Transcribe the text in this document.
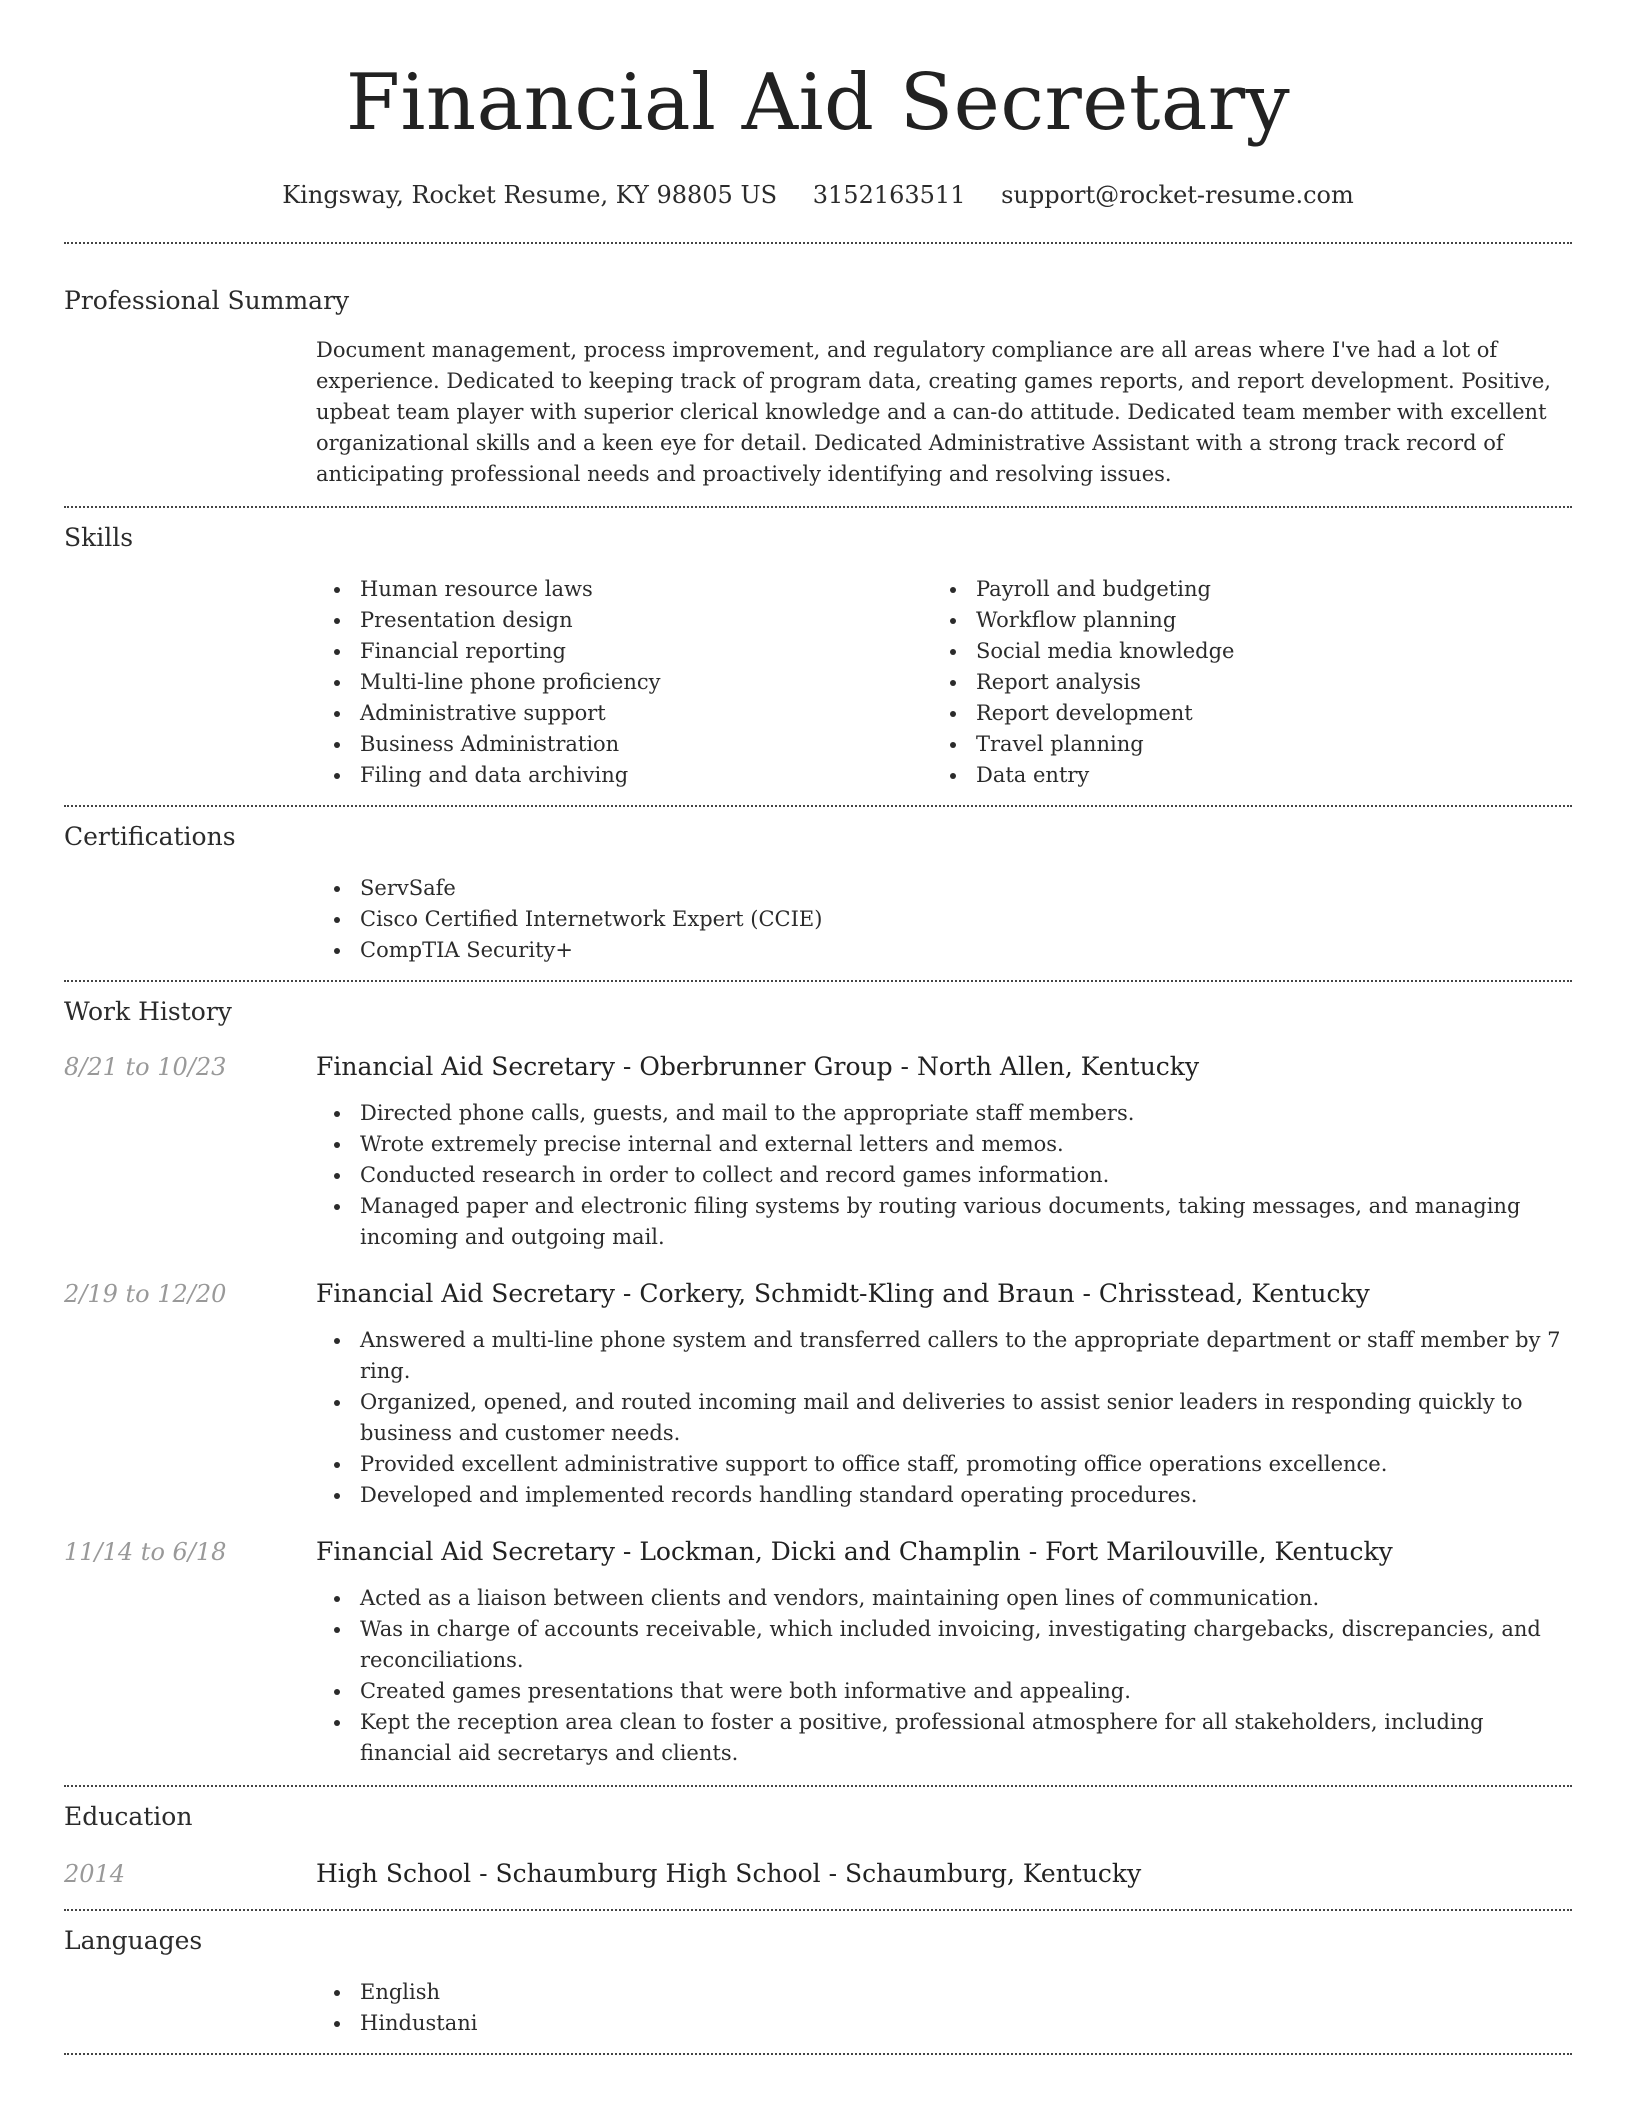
Financial Aid Secretary
Kingsway, Rocket Resume, KY 98805 US 3152163511 support@rocket-resume.com
Professional Summary

Document management, process improvement, and regulatory compliance are all areas where I've had a lot of experience. Dedicated to keeping track of program data, creating games reports, and report development. Positive, upbeat team player with superior clerical knowledge and a can-do attitude. Dedicated team member with excellent organizational skills and a keen eye for detail. Dedicated Administrative Assistant with a strong track record of anticipating professional needs and proactively identifying and resolving issues.

Skills
Human resource laws
Presentation design
Financial reporting
Multi-line phone proficiency
Administrative support
Business Administration
Filing and data archiving
Payroll and budgeting
Workflow planning
Social media knowledge
Report analysis
Report development
Travel planning
Data entry
Certifications
ServSafe
Cisco Certified Internetwork Expert (CCIE)
CompTIA Security+
Work History
8/21 to 10/23	Financial Aid Secretary - Oberbrunner Group - North Allen, Kentucky
Directed phone calls, guests, and mail to the appropriate staff members.
Wrote extremely precise internal and external letters and memos.
Conducted research in order to collect and record games information.
Managed paper and electronic filing systems by routing various documents, taking messages, and managing incoming and outgoing mail.
2/19 to 12/20	Financial Aid Secretary - Corkery, Schmidt-Kling and Braun - Chrisstead, Kentucky
Answered a multi-line phone system and transferred callers to the appropriate department or staff member by 7 ring.
Organized, opened, and routed incoming mail and deliveries to assist senior leaders in responding quickly to business and customer needs.
Provided excellent administrative support to office staff, promoting office operations excellence.
Developed and implemented records handling standard operating procedures.
11/14 to 6/18	Financial Aid Secretary - Lockman, Dicki and Champlin - Fort Marilouville, Kentucky
Acted as a liaison between clients and vendors, maintaining open lines of communication.
Was in charge of accounts receivable, which included invoicing, investigating chargebacks, discrepancies, and reconciliations.
Created games presentations that were both informative and appealing.
Kept the reception area clean to foster a positive, professional atmosphere for all stakeholders, including financial aid secretarys and clients.
Education
2014	High School - Schaumburg High School - Schaumburg, Kentucky
Languages
English
Hindustani
